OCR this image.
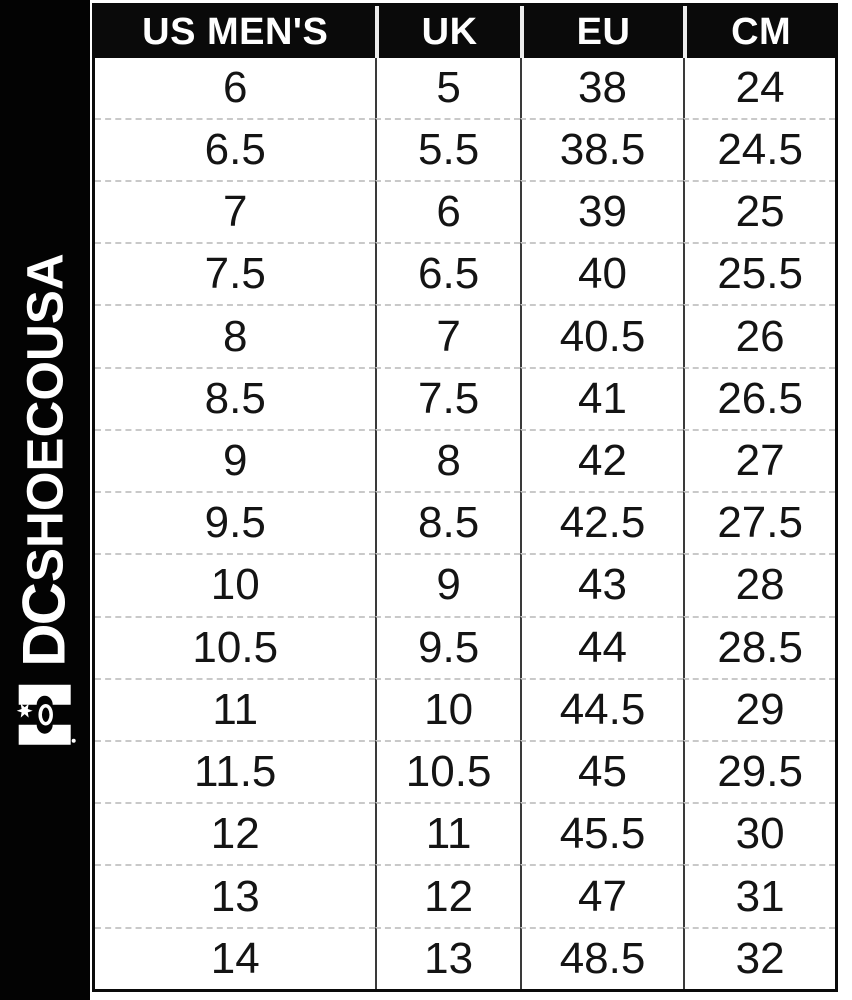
DC
SHOECOUSA
US MEN'S	UK	EU	CM
6	5	38	24
6.5	5.5	38.5	24.5
7	6	39	25
7.5	6.5	40	25.5
8	7	40.5	26
8.5	7.5	41	26.5
9	8	42	27
9.5	8.5	42.5	27.5
10	9	43	28
10.5	9.5	44	28.5
11	10	44.5	29
11.5	10.5	45	29.5
12	11	45.5	30
13	12	47	31
14	13	48.5	32
